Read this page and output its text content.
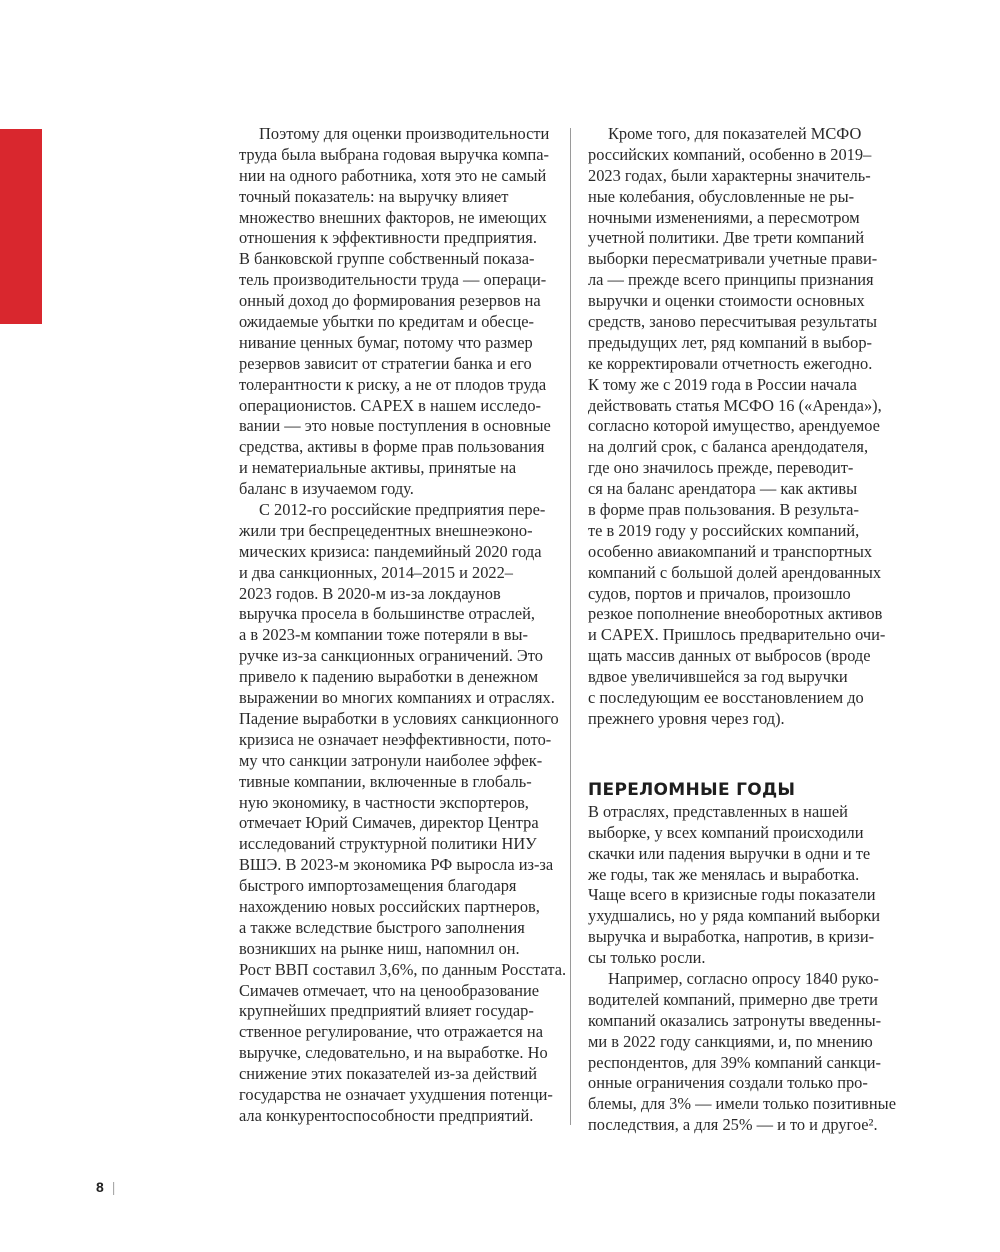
Поэтому для оценки производительности
труда была выбрана годовая выручка компа-
нии на одного работника, хотя это не самый
точный показатель: на выручку влияет
множество внешних факторов, не имеющих
отношения к эффективности предприятия.
В банковской группе собственный показа-
тель производительности труда — операци-
онный доход до формирования резервов на
ожидаемые убытки по кредитам и обесце-
нивание ценных бумаг, потому что размер
резервов зависит от стратегии банка и его
толерантности к риску, а не от плодов труда
операционистов. CAPEX в нашем исследо-
вании — это новые поступления в основные
средства, активы в форме прав пользования
и нематериальные активы, принятые на
баланс в изучаемом году.
С 2012-го российские предприятия пере-
жили три беспрецедентных внешнеэконо-
мических кризиса: пандемийный 2020 года
и два санкционных, 2014–2015 и 2022–
2023 годов. В 2020-м из-за локдаунов
выручка просела в большинстве отраслей,
а в 2023-м компании тоже потеряли в вы-
ручке из-за санкционных ограничений. Это
привело к падению выработки в денежном
выражении во многих компаниях и отраслях.
Падение выработки в условиях санкционного
кризиса не означает неэффективности, пото-
му что санкции затронули наиболее эффек-
тивные компании, включенные в глобаль-
ную экономику, в частности экспортеров,
отмечает Юрий Симачев, директор Центра
исследований структурной политики НИУ
ВШЭ. В 2023-м экономика РФ выросла из-за
быстрого импортозамещения благодаря
нахождению новых российских партнеров,
а также вследствие быстрого заполнения
возникших на рынке ниш, напомнил он.
Рост ВВП составил 3,6%, по данным Росстата.
Симачев отмечает, что на ценообразование
крупнейших предприятий влияет государ-
ственное регулирование, что отражается на
выручке, следовательно, и на выработке. Но
снижение этих показателей из-за действий
государства не означает ухудшения потенци-
ала конкурентоспособности предприятий.
Кроме того, для показателей МСФО
российских компаний, особенно в 2019–
2023 годах, были характерны значитель-
ные колебания, обусловленные не ры-
ночными изменениями, а пересмотром
учетной политики. Две трети компаний
выборки пересматривали учетные прави-
ла — прежде всего принципы признания
выручки и оценки стоимости основных
средств, заново пересчитывая результаты
предыдущих лет, ряд компаний в выбор-
ке корректировали отчетность ежегодно.
К тому же с 2019 года в России начала
действовать статья МСФО 16 («Аренда»),
согласно которой имущество, арендуемое
на долгий срок, с баланса арендодателя,
где оно значилось прежде, переводит-
ся на баланс арендатора — как активы
в форме прав пользования. В результа-
те в 2019 году у российских компаний,
особенно авиакомпаний и транспортных
компаний с большой долей арендованных
судов, портов и причалов, произошло
резкое пополнение внеоборотных активов
и CAPEX. Пришлось предварительно очи-
щать массив данных от выбросов (вроде
вдвое увеличившейся за год выручки
с последующим ее восстановлением до
прежнего уровня через год).
ПЕРЕЛОМНЫЕ ГОДЫ
В отраслях, представленных в нашей
выборке, у всех компаний происходили
скачки или падения выручки в одни и те
же годы, так же менялась и выработка.
Чаще всего в кризисные годы показатели
ухудшались, но у ряда компаний выборки
выручка и выработка, напротив, в кризи-
сы только росли.
Например, согласно опросу 1840 руко-
водителей компаний, примерно две трети
компаний оказались затронуты введенны-
ми в 2022 году санкциями, и, по мнению
респондентов, для 39% компаний санкци-
онные ограничения создали только про-
блемы, для 3% — имели только позитивные
последствия, а для 25% — и то и другое².
8 |
